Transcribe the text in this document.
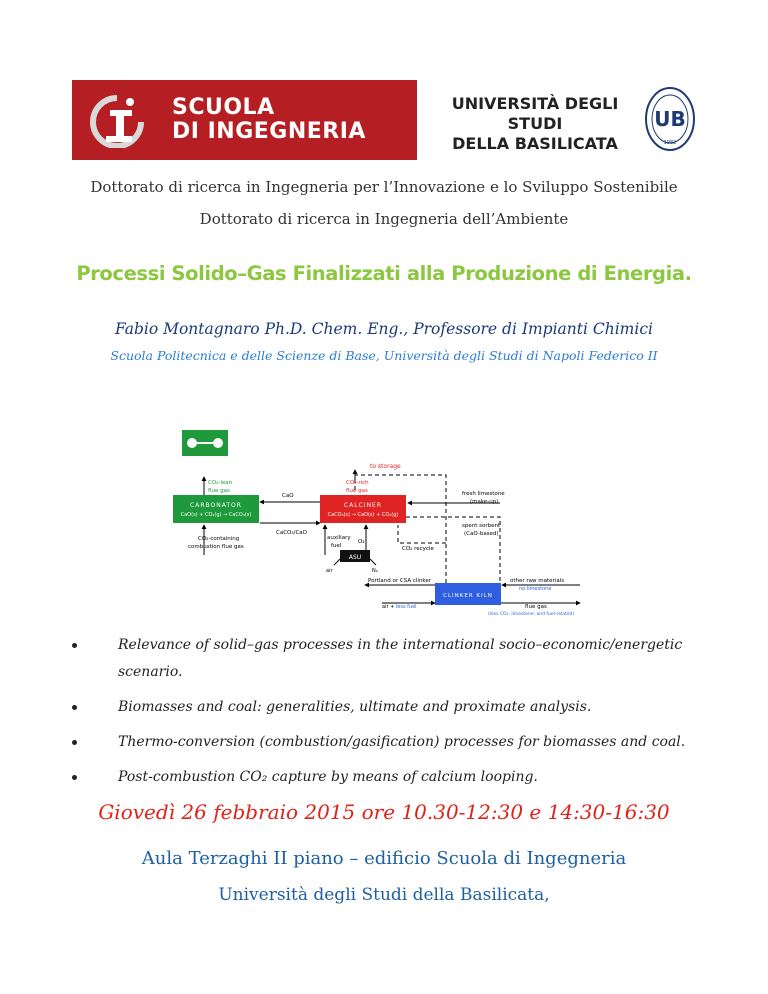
SCUOLA
DI INGEGNERIA
UNIVERSITÀ DEGLI STUDI
DELLA BASILICATA
UB
1982
Dottorato di ricerca in Ingegneria per l’Innovazione e lo Sviluppo Sostenibile
Dottorato di ricerca in Ingegneria dell’Ambiente
Processi Solido–Gas Finalizzati alla Produzione di Energia.
Fabio Montagnaro Ph.D. Chem. Eng., Professore di Impianti Chimici
Scuola Politecnica e delle Scienze di Base, Università degli Studi di Napoli Federico II
to storage
CO₂-lean
flue gas
CO₂-rich
flue gas
CaO
CARBONATOR
CaO(s) + CO₂(g) → CaCO₃(s)
CALCINER
CaCO₃(s) → CaO(s) + CO₂(g)
fresh limestone
(make-up)
CaCO₃/CaO
spent sorbent
(CaO-based)
CO₂-containing
combustion flue gas
auxiliary
fuel
O₂
CO₂ recycle
ASU
air	N₂
Portland or CSA clinker	other raw materials
no limestone
CLINKER KILN
air + less fuel	flue gas
(less CO₂: limestone- and fuel-related)
Relevance of solid–gas processes in the international socio–economic/energetic scenario.
Biomasses and coal: generalities, ultimate and proximate analysis.
Thermo-conversion (combustion/gasification) processes for biomasses and coal.
Post-combustion CO₂ capture by means of calcium looping.
Giovedì 26 febbraio 2015 ore 10.30-12:30 e 14:30-16:30
Aula Terzaghi II piano – edificio Scuola di Ingegneria
Università degli Studi della Basilicata,
